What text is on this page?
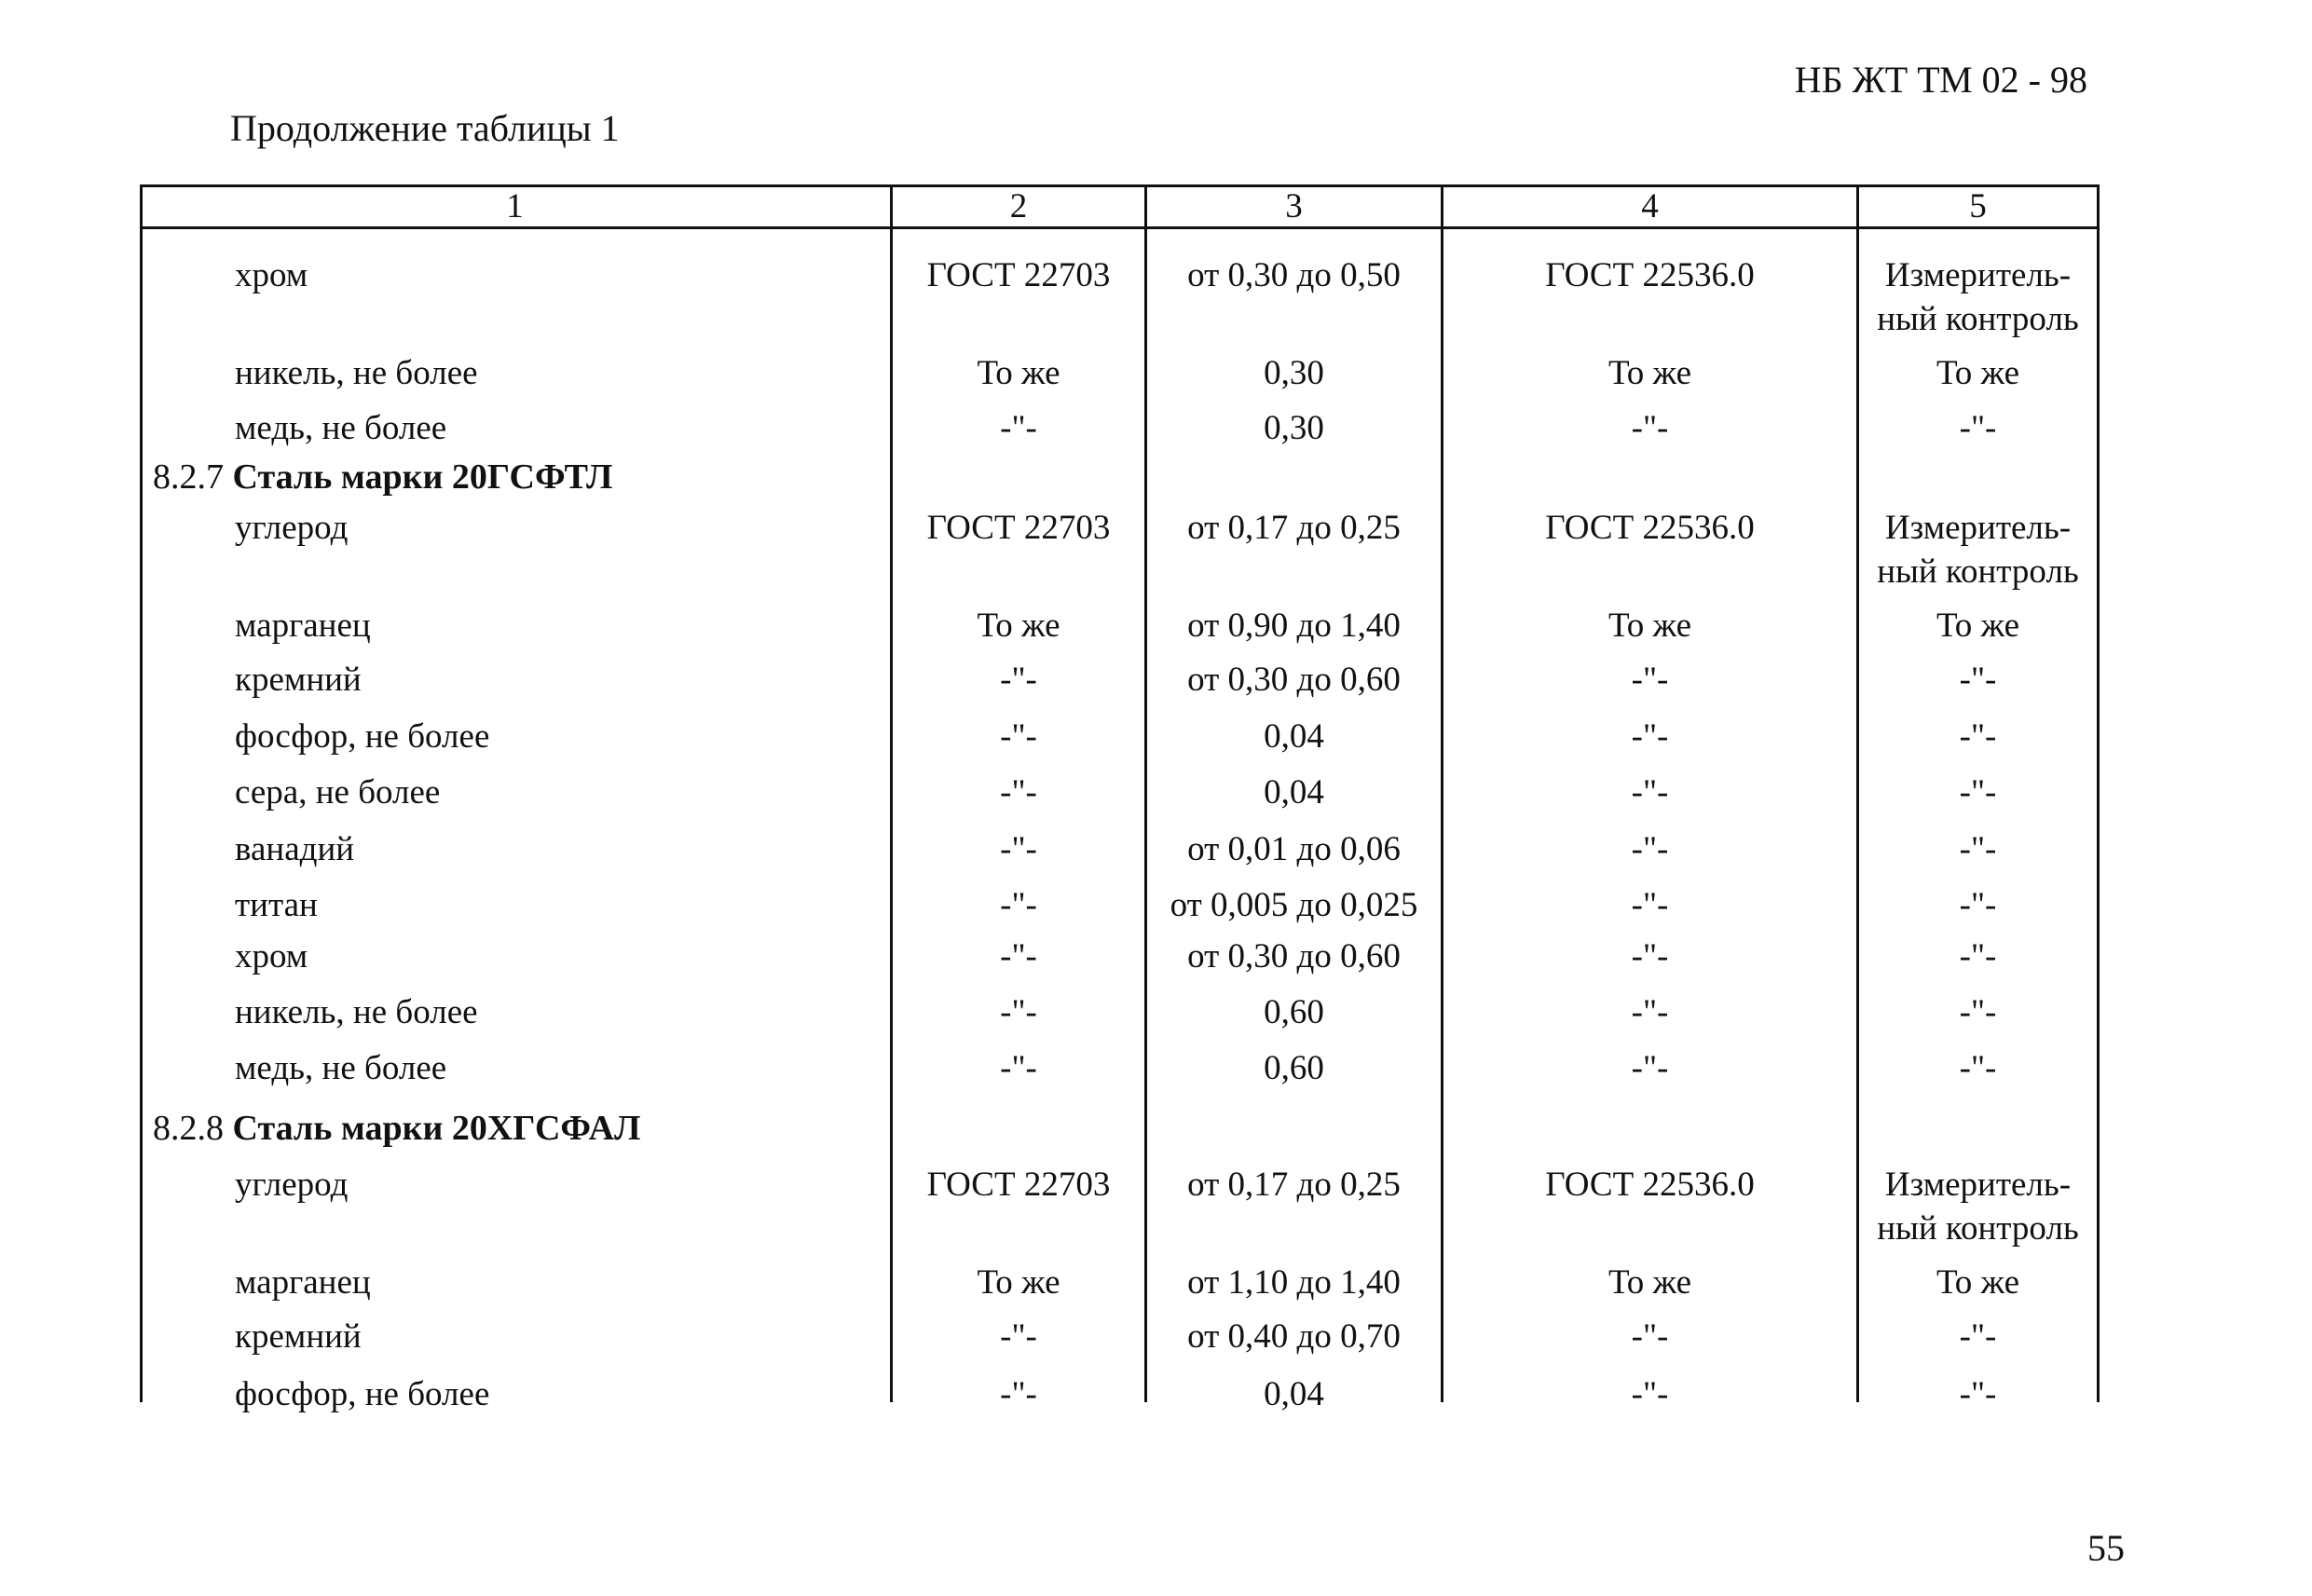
НБ ЖТ ТМ 02 - 98
Продолжение таблицы 1
1	2	3	4	5
хром	ГОСТ 22703	от 0,30 до 0,50	ГОСТ 22536.0	Измеритель-
ный контроль
никель, не более	То же	0,30	То же	То же
медь, не более	-"-	0,30	-"-	-"-
8.2.7 Сталь марки 20ГСФТЛ
углерод	ГОСТ 22703	от 0,17 до 0,25	ГОСТ 22536.0	Измеритель-
ный контроль
марганец	То же	от 0,90 до 1,40	То же	То же
кремний	-"-	от 0,30 до 0,60	-"-	-"-
фосфор, не более	-"-	0,04	-"-	-"-
сера, не более	-"-	0,04	-"-	-"-
ванадий	-"-	от 0,01 до 0,06	-"-	-"-
титан	-"-	от 0,005 до 0,025	-"-	-"-
хром	-"-	от 0,30 до 0,60	-"-	-"-
никель, не более	-"-	0,60	-"-	-"-
медь, не более	-"-	0,60	-"-	-"-
8.2.8 Сталь марки 20ХГСФАЛ
углерод	ГОСТ 22703	от 0,17 до 0,25	ГОСТ 22536.0	Измеритель-
ный контроль
марганец	То же	от 1,10 до 1,40	То же	То же
кремний	-"-	от 0,40 до 0,70	-"-	-"-
фосфор, не более	-"-	0,04	-"-	-"-
55
